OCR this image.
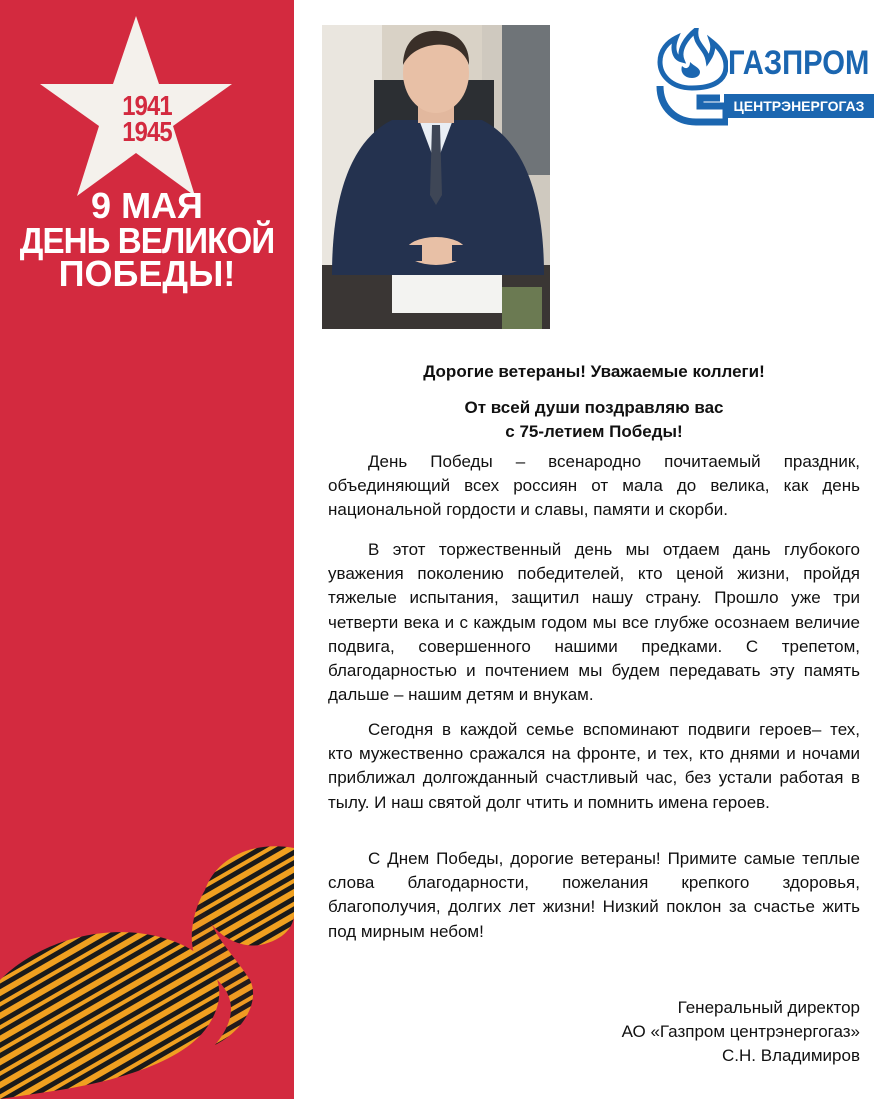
1941
1945
9 МАЯ
ДЕНЬ ВЕЛИКОЙ
ПОБЕДЫ!
ГАЗПРОМ
ЦЕНТРЭНЕРГОГАЗ
Дорогие ветераны! Уважаемые коллеги!
От всей души поздравляю вас
с 75-летием Победы!

День Победы – всенародно почитаемый праздник, объединяющий всех россиян от мала до велика, как день национальной гордости и славы, памяти и скорби.

В этот торжественный день мы отдаем дань глубокого уважения поколению победителей, кто ценой жизни, пройдя тяжелые испытания, защитил нашу страну. Прошло уже три четверти века и с каждым годом мы все глубже осознаем величие подвига, совершенного нашими предками. С трепетом, благодарностью и почтением мы будем передавать эту память дальше – нашим детям и внукам.

Сегодня в каждой семье вспоминают подвиги героев– тех, кто мужественно сражался на фронте, и тех, кто днями и ночами приближал долгожданный счастливый час, без устали работая в тылу. И наш святой долг чтить и помнить имена героев.

С Днем Победы, дорогие ветераны! Примите самые теплые слова благодарности, пожелания крепкого здоровья, благополучия, долгих лет жизни! Низкий поклон за счастье жить под мирным небом!

Генеральный директор
АО «Газпром центрэнергогаз»
С.Н. Владимиров
